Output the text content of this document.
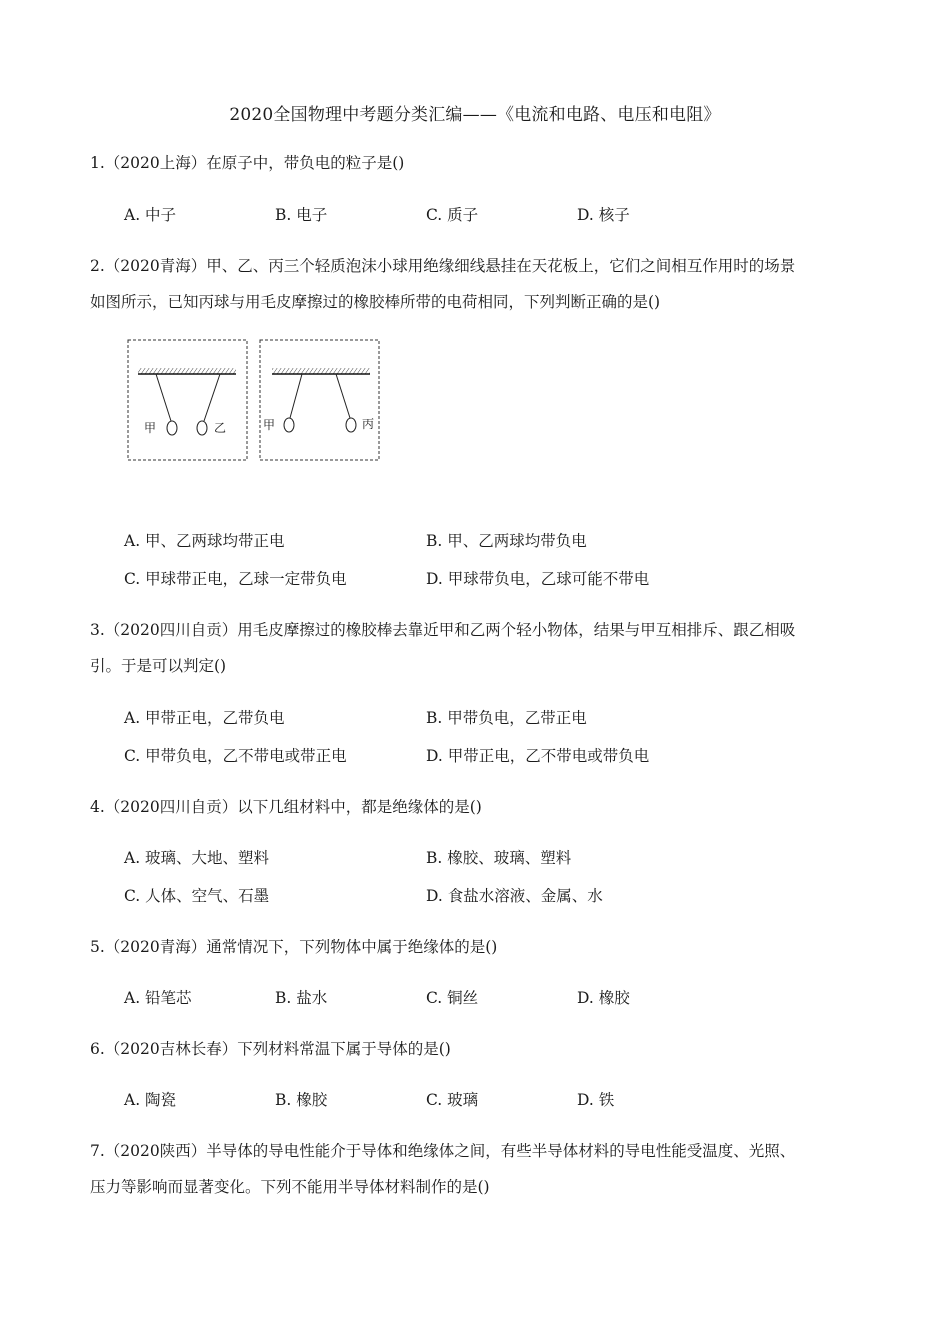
2020全国物理中考题分类汇编——《电流和电路、电压和电阻》

1.（2020上海）在原子中，带负电的粒子是()

A. 中子	B. 电子	C. 质子	D. 核子

2.（2020青海）甲、乙、丙三个轻质泡沫小球用绝缘细线悬挂在天花板上，它们之间相互作用时的场景

如图所示，已知丙球与用毛皮摩擦过的橡胶棒所带的电荷相同，下列判断正确的是()

甲	乙	甲	丙
A. 甲、乙两球均带正电	B. 甲、乙两球均带负电
C. 甲球带正电，乙球一定带负电	D. 甲球带负电，乙球可能不带电

3.（2020四川自贡）用毛皮摩擦过的橡胶棒去靠近甲和乙两个轻小物体，结果与甲互相排斥、跟乙相吸

引。于是可以判定()

A. 甲带正电，乙带负电	B. 甲带负电，乙带正电
C. 甲带负电，乙不带电或带正电	D. 甲带正电，乙不带电或带负电

4.（2020四川自贡）以下几组材料中，都是绝缘体的是()

A. 玻璃、大地、塑料	B. 橡胶、玻璃、塑料
C. 人体、空气、石墨	D. 食盐水溶液、金属、水

5.（2020青海）通常情况下，下列物体中属于绝缘体的是()

A. 铅笔芯	B. 盐水	C. 铜丝	D. 橡胶

6.（2020吉林长春）下列材料常温下属于导体的是()

A. 陶瓷	B. 橡胶	C. 玻璃	D. 铁

7.（2020陕西）半导体的导电性能介于导体和绝缘体之间，有些半导体材料的导电性能受温度、光照、

压力等影响而显著变化。下列不能用半导体材料制作的是()
